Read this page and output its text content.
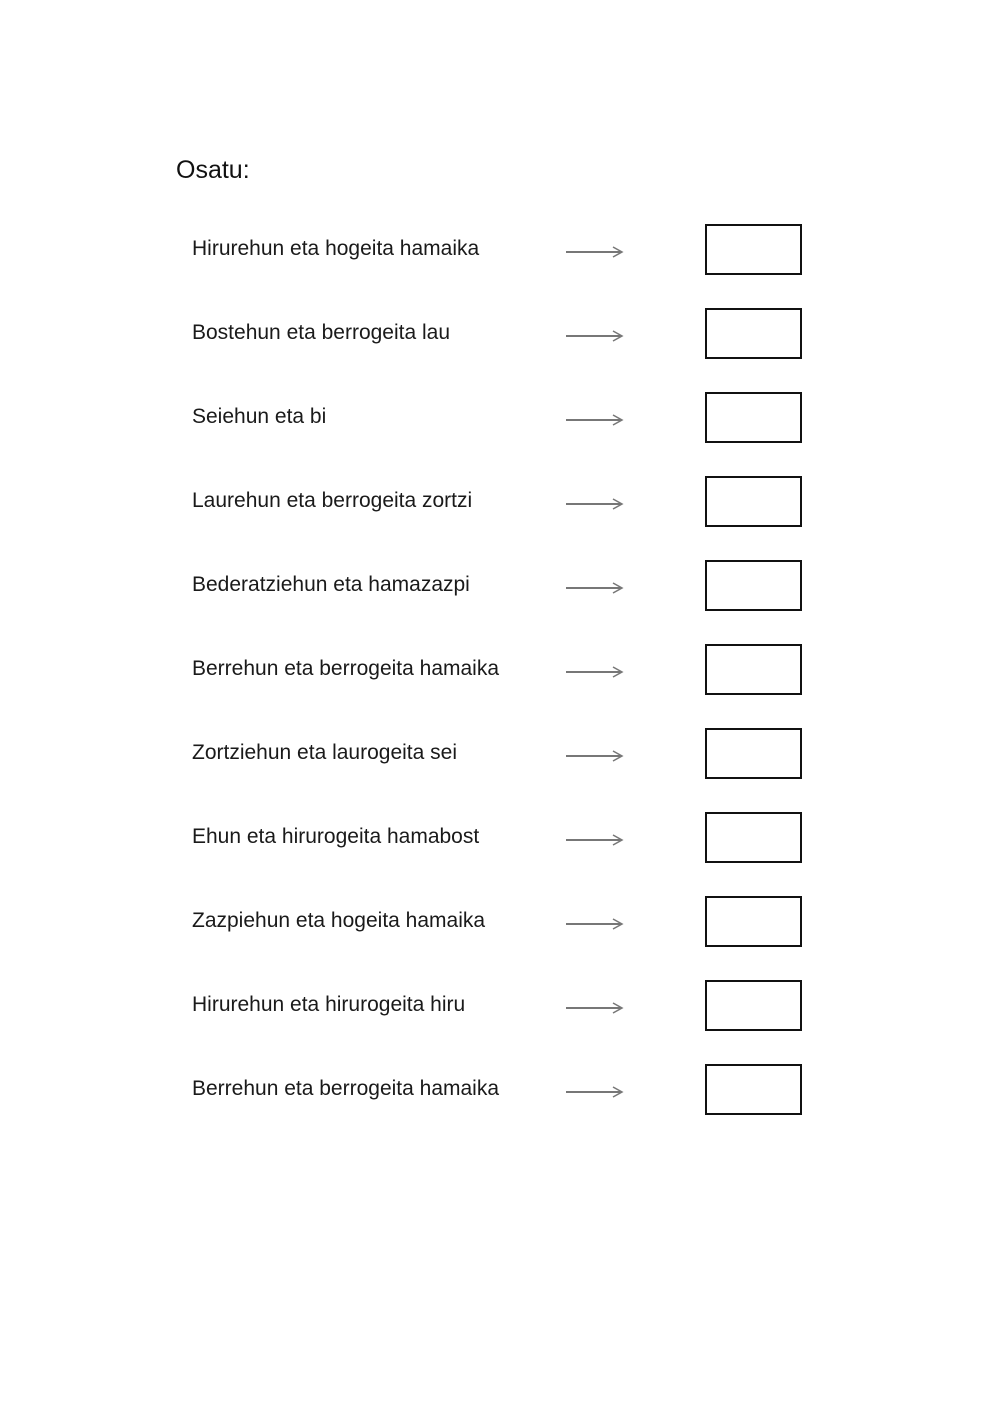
Osatu:
Hirurehun eta hogeita hamaika
Bostehun eta berrogeita lau
Seiehun eta bi
Laurehun eta berrogeita zortzi
Bederatziehun eta hamazazpi
Berrehun eta berrogeita hamaika
Zortziehun eta laurogeita sei
Ehun eta hirurogeita hamabost
Zazpiehun eta hogeita hamaika
Hirurehun eta hirurogeita hiru
Berrehun eta berrogeita hamaika
